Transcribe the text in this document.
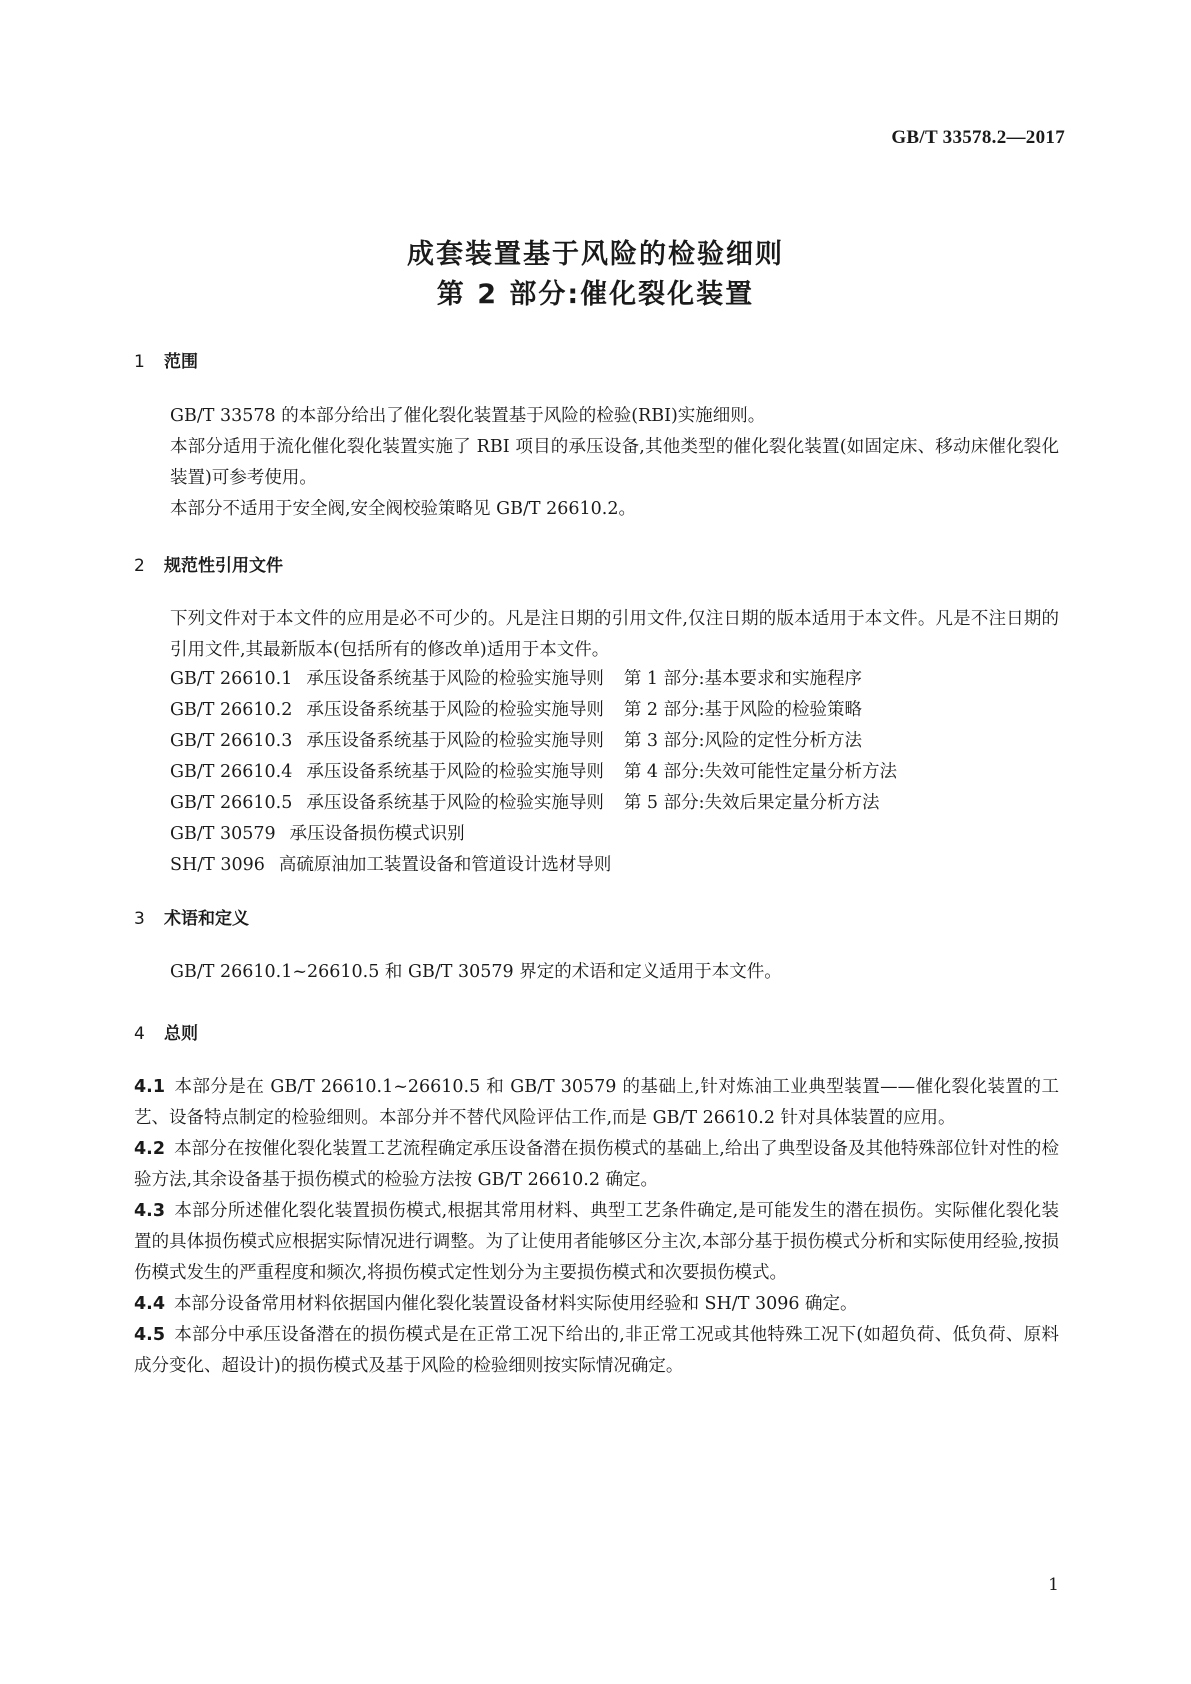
GB/T 33578.2—2017
成套装置基于风险的检验细则
第 2 部分:催化裂化装置
1 范围

GB/T 33578 的本部分给出了催化裂化装置基于风险的检验(RBI)实施细则。

本部分适用于流化催化裂化装置实施了 RBI 项目的承压设备,其他类型的催化裂化装置(如固定床、移动床催化裂化装置)可参考使用。

本部分不适用于安全阀,安全阀校验策略见 GB/T 26610.2。

2 规范性引用文件

下列文件对于本文件的应用是必不可少的。凡是注日期的引用文件,仅注日期的版本适用于本文件。凡是不注日期的引用文件,其最新版本(包括所有的修改单)适用于本文件。

GB/T 26610.1 承压设备系统基于风险的检验实施导则 第 1 部分:基本要求和实施程序
GB/T 26610.2 承压设备系统基于风险的检验实施导则 第 2 部分:基于风险的检验策略
GB/T 26610.3 承压设备系统基于风险的检验实施导则 第 3 部分:风险的定性分析方法
GB/T 26610.4 承压设备系统基于风险的检验实施导则 第 4 部分:失效可能性定量分析方法
GB/T 26610.5 承压设备系统基于风险的检验实施导则 第 5 部分:失效后果定量分析方法
GB/T 30579 承压设备损伤模式识别
SH/T 3096 高硫原油加工装置设备和管道设计选材导则
3 术语和定义

GB/T 26610.1~26610.5 和 GB/T 30579 界定的术语和定义适用于本文件。

4 总则

4.1 本部分是在 GB/T 26610.1~26610.5 和 GB/T 30579 的基础上,针对炼油工业典型装置——催化裂化装置的工艺、设备特点制定的检验细则。本部分并不替代风险评估工作,而是 GB/T 26610.2 针对具体装置的应用。

4.2 本部分在按催化裂化装置工艺流程确定承压设备潜在损伤模式的基础上,给出了典型设备及其他特殊部位针对性的检验方法,其余设备基于损伤模式的检验方法按 GB/T 26610.2 确定。

4.3 本部分所述催化裂化装置损伤模式,根据其常用材料、典型工艺条件确定,是可能发生的潜在损伤。实际催化裂化装置的具体损伤模式应根据实际情况进行调整。为了让使用者能够区分主次,本部分基于损伤模式分析和实际使用经验,按损伤模式发生的严重程度和频次,将损伤模式定性划分为主要损伤模式和次要损伤模式。

4.4 本部分设备常用材料依据国内催化裂化装置设备材料实际使用经验和 SH/T 3096 确定。

4.5 本部分中承压设备潜在的损伤模式是在正常工况下给出的,非正常工况或其他特殊工况下(如超负荷、低负荷、原料成分变化、超设计)的损伤模式及基于风险的检验细则按实际情况确定。

1
